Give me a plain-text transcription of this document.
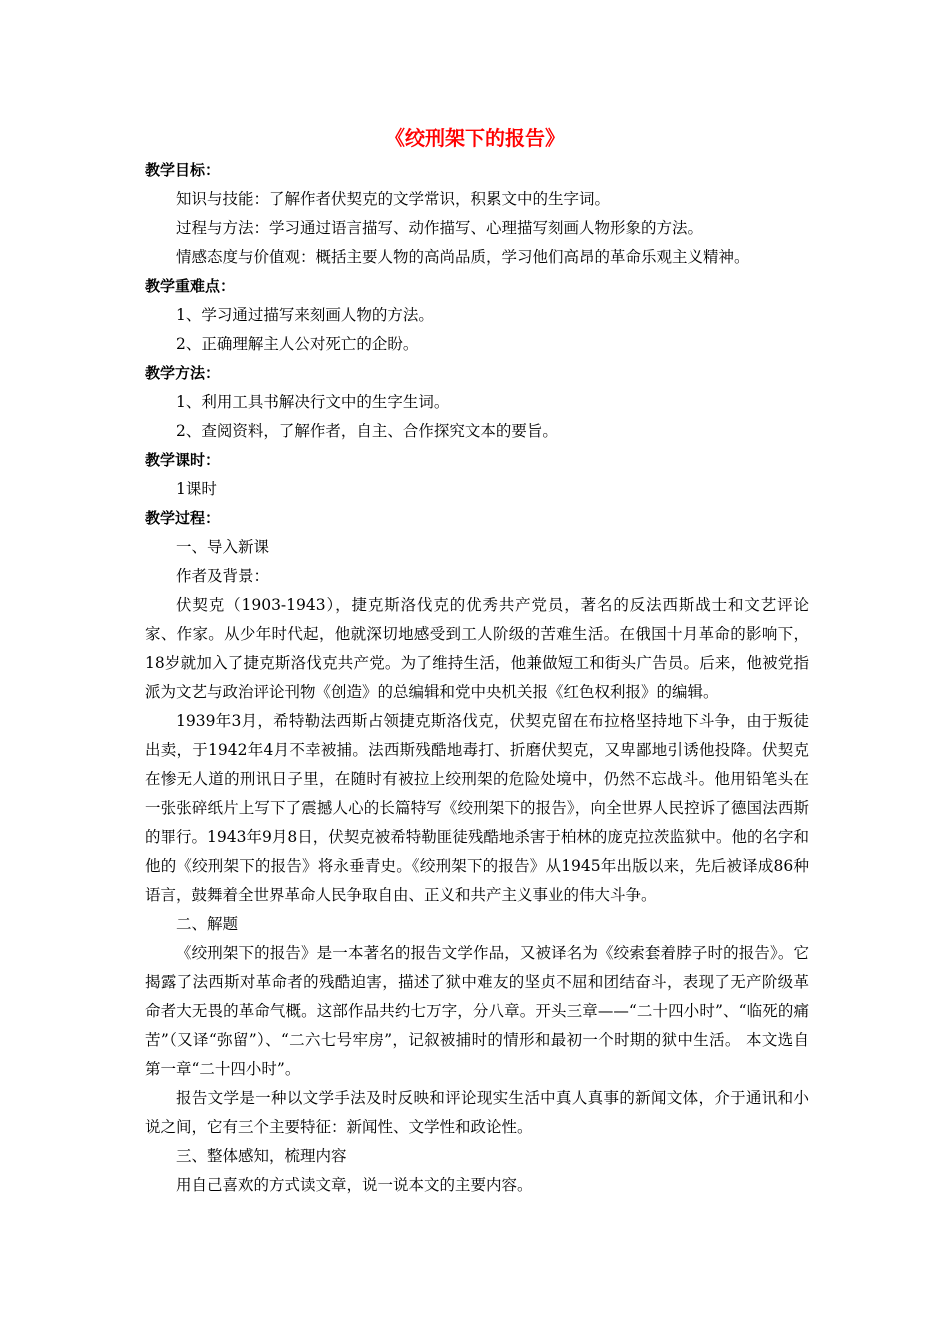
《绞刑架下的报告》
教学目标：
知识与技能：了解作者伏契克的文学常识，积累文中的生字词。
过程与方法：学习通过语言描写、动作描写、心理描写刻画人物形象的方法。
情感态度与价值观：概括主要人物的高尚品质，学习他们高昂的革命乐观主义精神。
教学重难点：
1、学习通过描写来刻画人物的方法。
2、正确理解主人公对死亡的企盼。
教学方法：
1、利用工具书解决行文中的生字生词。
2、查阅资料，了解作者，自主、合作探究文本的要旨。
教学课时：
1课时
教学过程：
一、导入新课
作者及背景：
伏契克（1903-1943），捷克斯洛伐克的优秀共产党员，著名的反法西斯战士和文艺评论家、作家。从少年时代起，他就深切地感受到工人阶级的苦难生活。在俄国十月革命的影响下， 18岁就加入了捷克斯洛伐克共产党。为了维持生活，他兼做短工和街头广告员。后来，他被党指派为文艺与政治评论刊物《创造》的总编辑和党中央机关报《红色权利报》的编辑。
1939年3月，希特勒法西斯占领捷克斯洛伐克，伏契克留在布拉格坚持地下斗争，由于叛徒出卖，于1942年4月不幸被捕。法西斯残酷地毒打、折磨伏契克，又卑鄙地引诱他投降。伏契克在惨无人道的刑讯日子里，在随时有被拉上绞刑架的危险处境中，仍然不忘战斗。他用铅笔头在一张张碎纸片上写下了震撼人心的长篇特写《绞刑架下的报告》，向全世界人民控诉了德国法西斯的罪行。1943年9月8日，伏契克被希特勒匪徒残酷地杀害于柏林的庞克拉茨监狱中。他的名字和他的《绞刑架下的报告》将永垂青史。《绞刑架下的报告》从1945年出版以来，先后被译成86种语言，鼓舞着全世界革命人民争取自由、正义和共产主义事业的伟大斗争。
二、解题
《绞刑架下的报告》是一本著名的报告文学作品，又被译名为《绞索套着脖子时的报告》。它揭露了法西斯对革命者的残酷迫害，描述了狱中难友的坚贞不屈和团结奋斗，表现了无产阶级革命者大无畏的革命气概。这部作品共约七万字，分八章。开头三章——“二十四小时”、“临死的痛苦”（又译“弥留”）、“二六七号牢房”，记叙被捕时的情形和最初一个时期的狱中生活。 本文选自第一章“二十四小时”。
报告文学是一种以文学手法及时反映和评论现实生活中真人真事的新闻文体，介于通讯和小说之间，它有三个主要特征：新闻性、文学性和政论性。
三、整体感知，梳理内容
用自己喜欢的方式读文章，说一说本文的主要内容。
